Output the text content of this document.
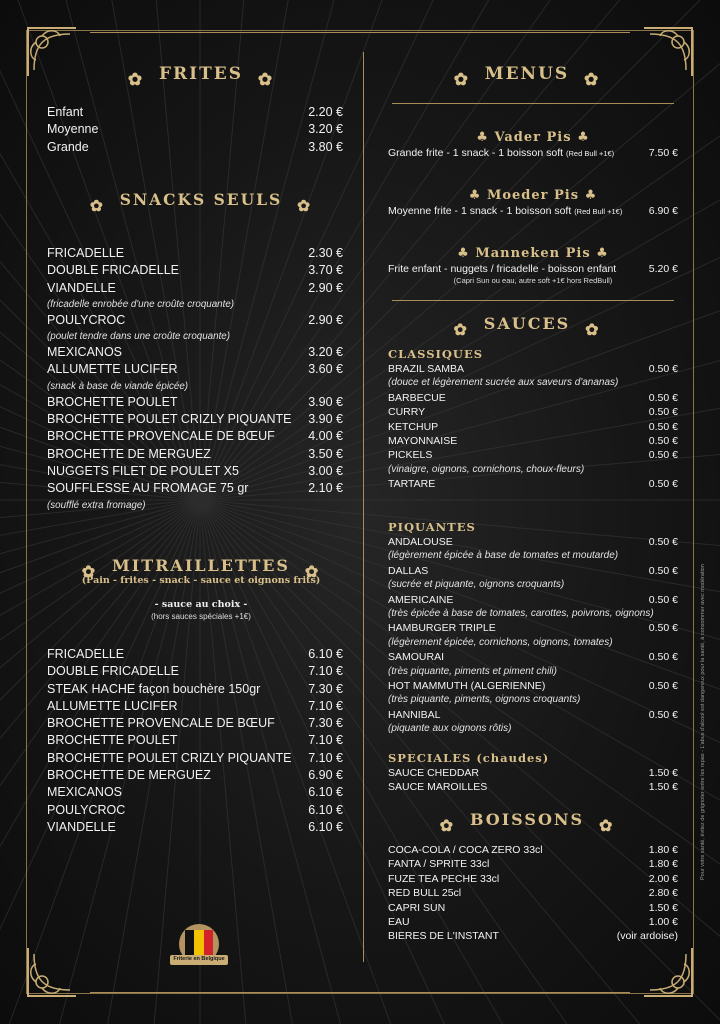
✿ FRITES ✿
Enfant	2.20 €
Moyenne	3.20 €
Grande	3.80 €
✿ SNACKS SEULS ✿
FRICADELLE	2.30 €
DOUBLE FRICADELLE	3.70 €
VIANDELLE	2.90 €
(fricadelle enrobée d'une croûte croquante)
POULYCROC	2.90 €
(poulet tendre dans une croûte croquante)
MEXICANOS	3.20 €
ALLUMETTE LUCIFER	3.60 €
(snack à base de viande épicée)
BROCHETTE POULET	3.90 €
BROCHETTE POULET CRIZLY PIQUANTE	3.90 €
BROCHETTE PROVENCALE DE BŒUF	4.00 €
BROCHETTE DE MERGUEZ	3.50 €
NUGGETS FILET DE POULET X5	3.00 €
SOUFFLESSE AU FROMAGE 75 gr	2.10 €
(soufflé extra fromage)
✿ MITRAILLETTES ✿
(Pain - frites - snack - sauce et oignons frits)
- sauce au choix -
(hors sauces spéciales +1€)
FRICADELLE	6.10 €
DOUBLE FRICADELLE	7.10 €
STEAK HACHE façon bouchère 150gr	7.30 €
ALLUMETTE LUCIFER	7.10 €
BROCHETTE PROVENCALE DE BŒUF	7.30 €
BROCHETTE POULET	7.10 €
BROCHETTE POULET CRIZLY PIQUANTE	7.10 €
BROCHETTE DE MERGUEZ	6.90 €
MEXICANOS	6.10 €
POULYCROC	6.10 €
VIANDELLE	6.10 €
Friterie en Belgique
✿ MENUS ✿
♣ Vader Pis ♣
Grande frite - 1 snack - 1 boisson soft (Red Bull +1€)	7.50 €
♣ Moeder Pis ♣
Moyenne frite - 1 snack - 1 boisson soft (Red Bull +1€)	6.90 €
♣ Manneken Pis ♣
Frite enfant - nuggets / fricadelle - boisson enfant	5.20 €
(Capri Sun ou eau, autre soft +1€ hors RedBull)
✿ SAUCES ✿
CLASSIQUES
BRAZIL SAMBA	0.50 €
(douce et légèrement sucrée aux saveurs d'ananas)
BARBECUE	0.50 €
CURRY	0.50 €
KETCHUP	0.50 €
MAYONNAISE	0.50 €
PICKELS	0.50 €
(vinaigre, oignons, cornichons, choux-fleurs)
TARTARE	0.50 €
PIQUANTES
ANDALOUSE	0.50 €
(légèrement épicée à base de tomates et moutarde)
DALLAS	0.50 €
(sucrée et piquante, oignons croquants)
AMERICAINE	0.50 €
(très épicée à base de tomates, carottes, poivrons, oignons)
HAMBURGER TRIPLE	0.50 €
(légèrement épicée, cornichons, oignons, tomates)
SAMOURAI	0.50 €
(très piquante, piments et piment chili)
HOT MAMMUTH (ALGERIENNE)	0.50 €
(très piquante, piments, oignons croquants)
HANNIBAL	0.50 €
(piquante aux oignons rôtis)
SPECIALES (chaudes)
SAUCE CHEDDAR	1.50 €
SAUCE MAROILLES	1.50 €
✿ BOISSONS ✿
COCA-COLA / COCA ZERO 33cl	1.80 €
FANTA / SPRITE 33cl	1.80 €
FUZE TEA PECHE 33cl	2.00 €
RED BULL 25cl	2.80 €
CAPRI SUN	1.50 €
EAU	1.00 €
BIERES DE L'INSTANT	(voir ardoise)
Pour votre santé, évitez de grignoter entre les repas - L'abus d'alcool est dangereux pour la santé, à consommer avec modération
